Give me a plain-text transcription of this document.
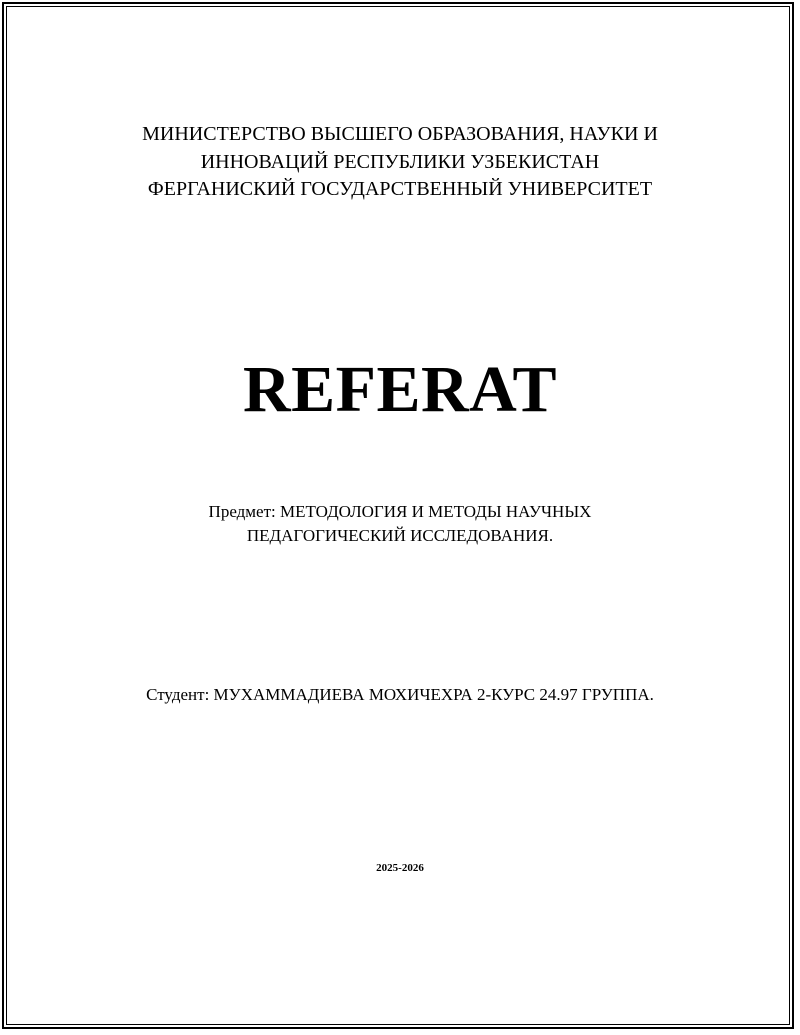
МИНИСТЕРСТВО ВЫСШЕГО ОБРАЗОВАНИЯ, НАУКИ И
ИННОВАЦИЙ РЕСПУБЛИКИ УЗБЕКИСТАН
ФЕРГАНИСКИЙ ГОСУДАРСТВЕННЫЙ УНИВЕРСИТЕТ
REFERAT
Предмет: МЕТОДОЛОГИЯ И МЕТОДЫ НАУЧНЫХ
ПЕДАГОГИЧЕСКИЙ ИССЛЕДОВАНИЯ.
Студент: МУХАММАДИЕВА МОХИЧЕХРА 2-КУРС 24.97 ГРУППА.
2025-2026
